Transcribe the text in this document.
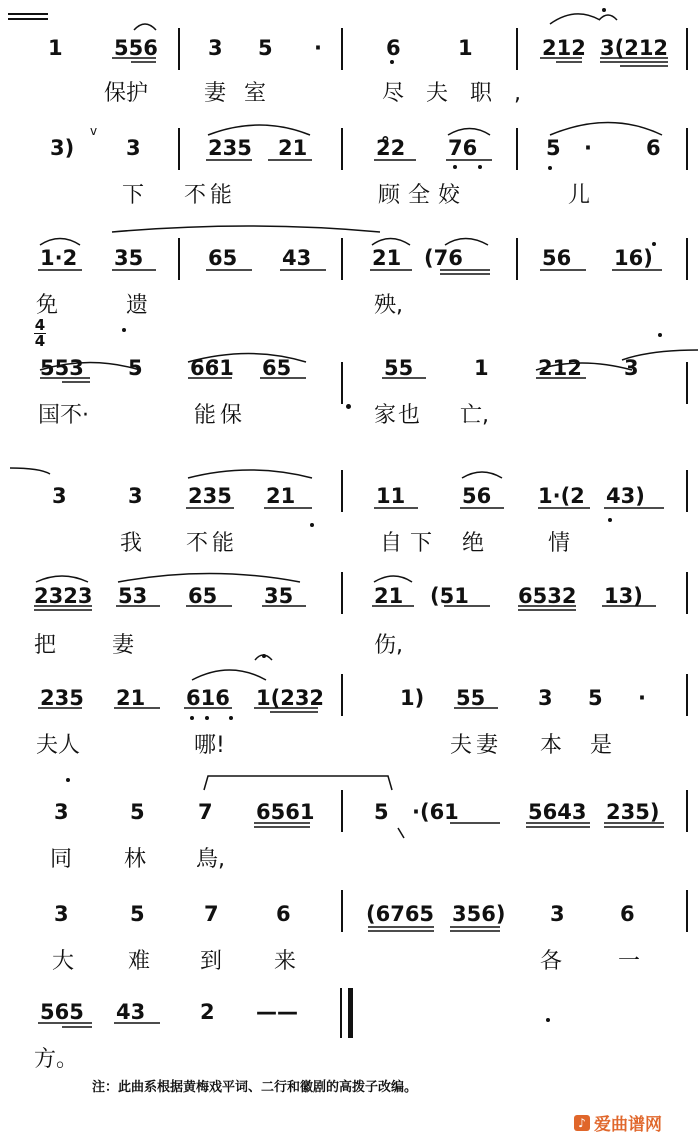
1 556 3 5 ·	6	1	212 3(212
保护	妻室	尽夫职,
3)
v
3	235 21	2̊2 76	5 ·	6
下 不能	顾全姣	儿
1·2 35	65 43	21 (76	56 16)
免	遗	殃,
4
4
553 5 661 65	55	1 212 3
国不·	能保	家也 亡,
3	3 235 21	11	56 1·(2 43)
我 不能	自下 绝	情
2323 53 65 35	21 (51 6532 13)
把	妻	伤,
235 21 616 1(232	1) 55	3 5 ·
夫人	哪!	夫妻 本 是
3	5	7 6561	5 ·(61	5643 235)
同 林 鳥,
3	5	7	6	(6765 356) 3	6
大 难 到 来	各	一
565 43	2 ——
方。
注：此曲系根据黄梅戏平词、二行和徽剧的高拨子改编。
♪ 爱曲谱网
